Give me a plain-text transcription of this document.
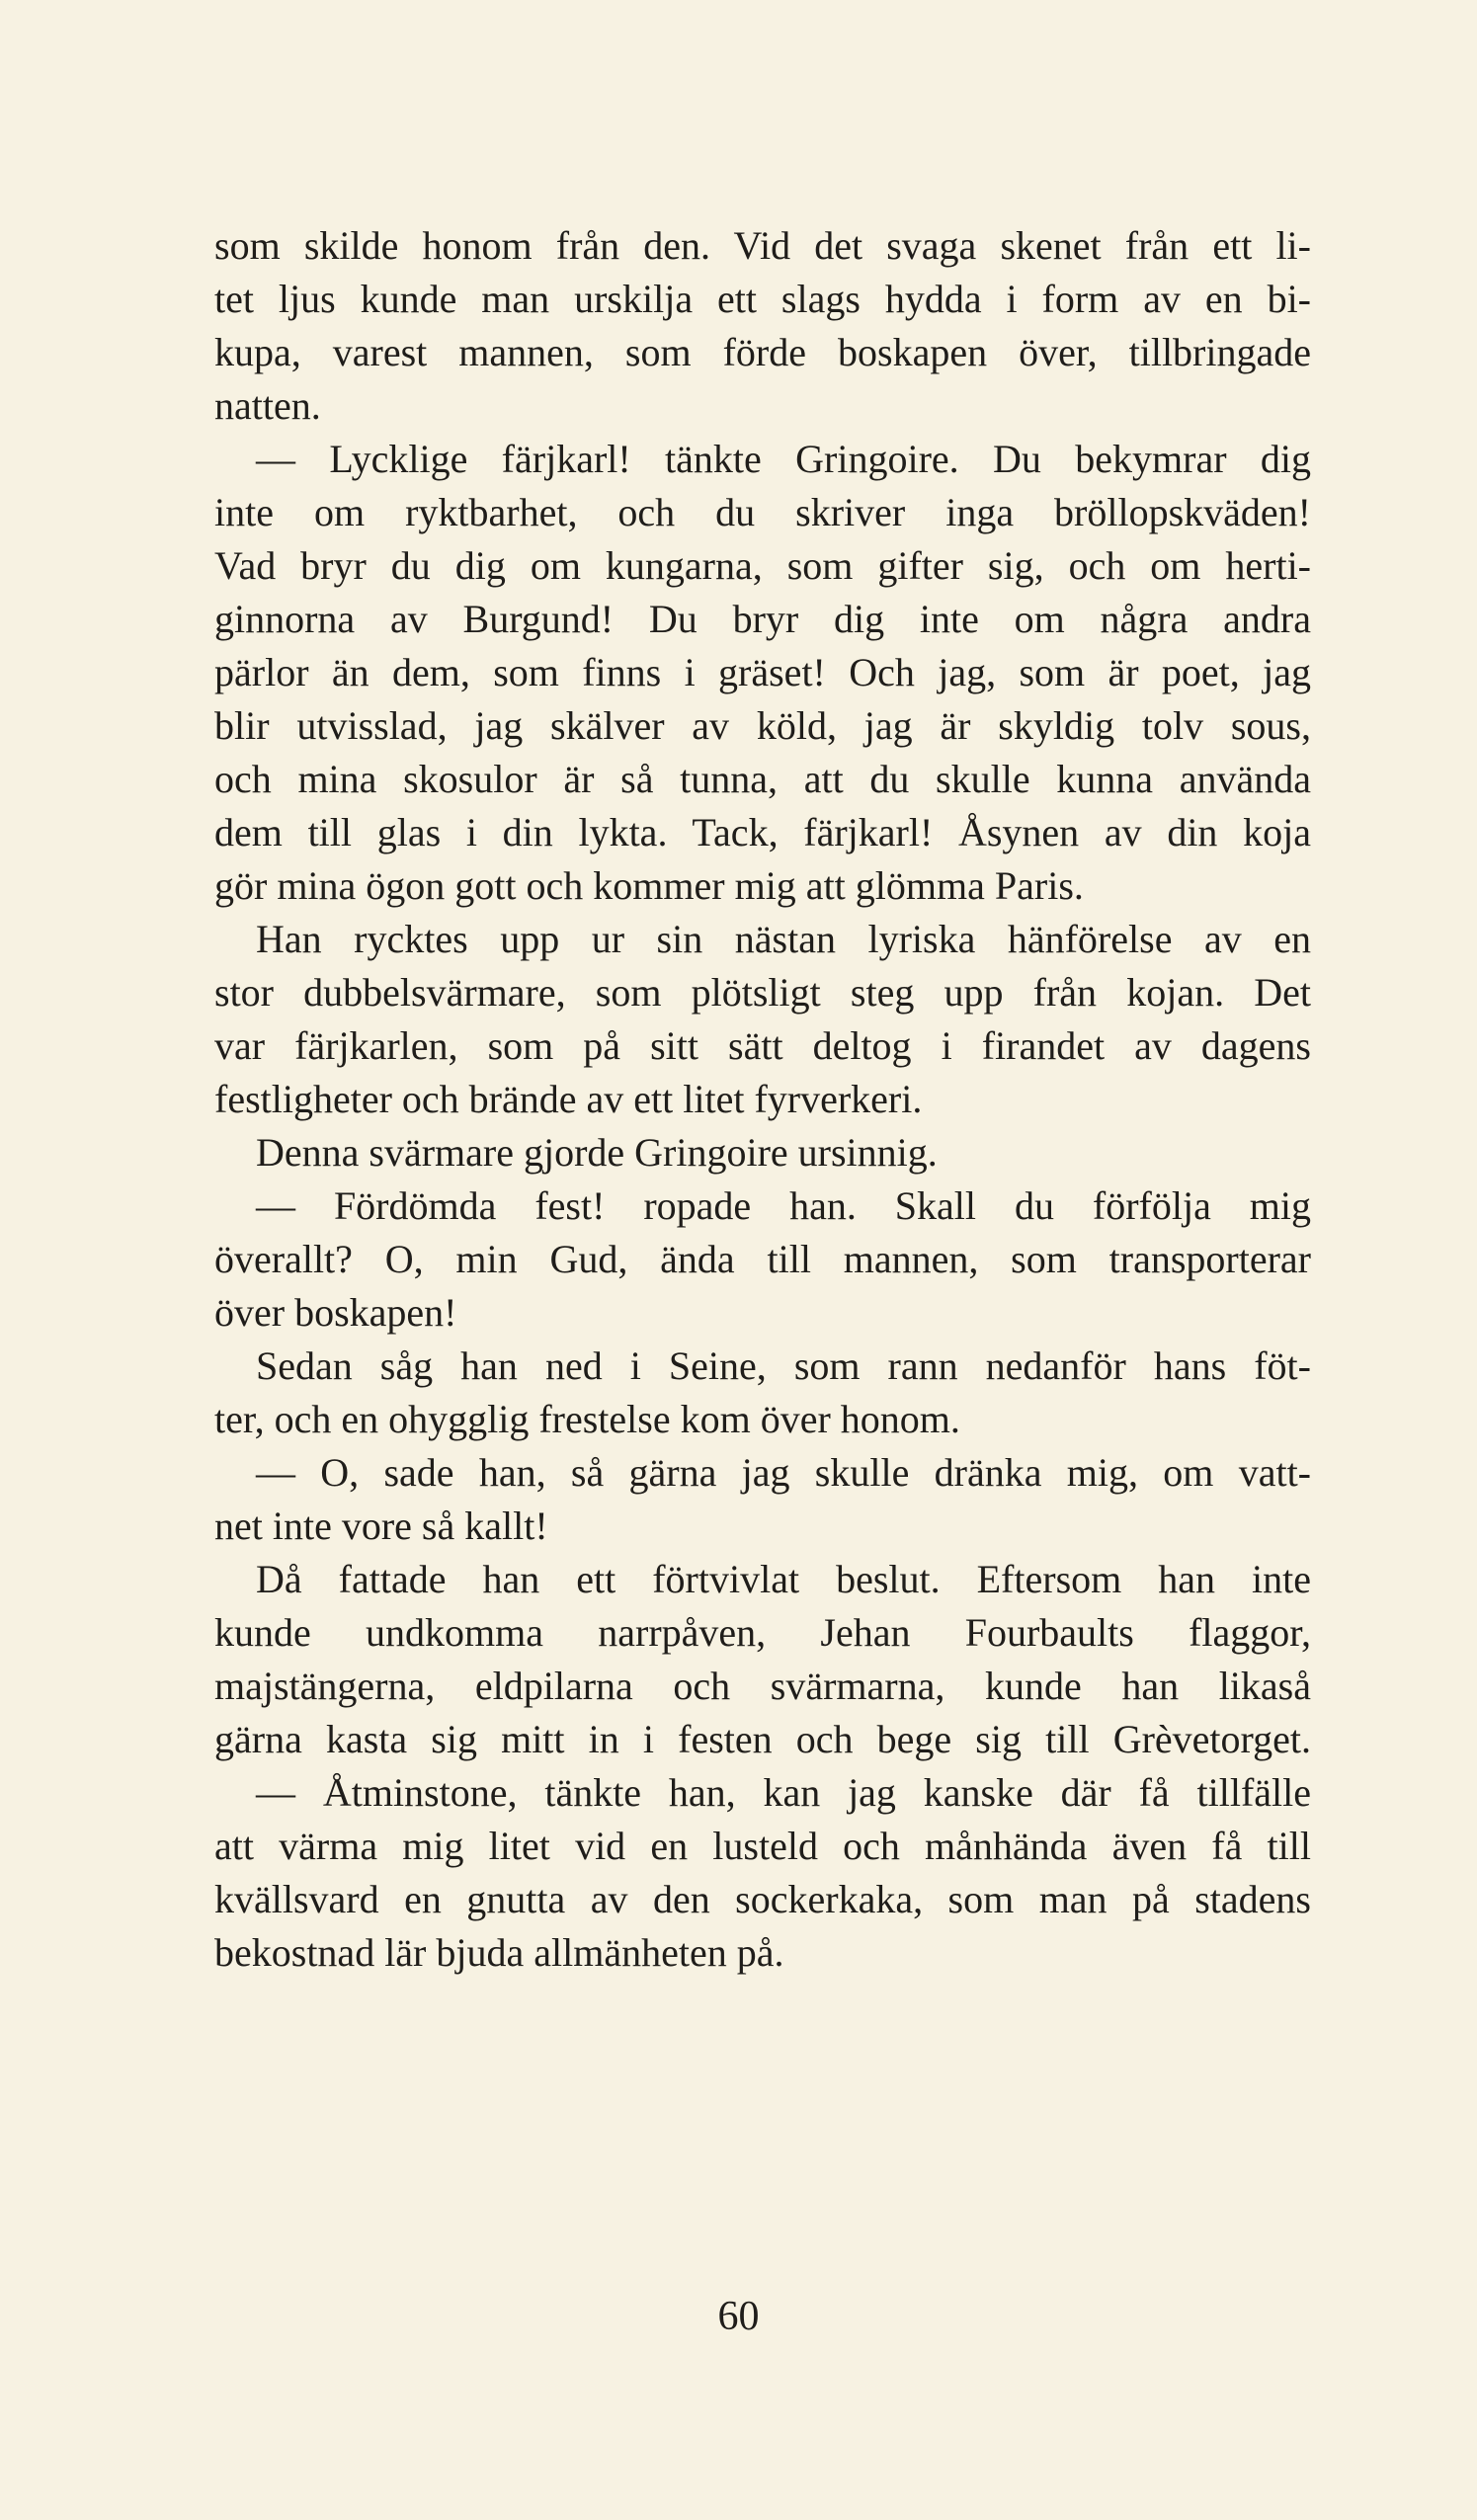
som skilde honom från den. Vid det svaga skenet från ett li-
tet ljus kunde man urskilja ett slags hydda i form av en bi-
kupa, varest mannen, som förde boskapen över, tillbringade
natten.
— Lycklige färjkarl! tänkte Gringoire. Du bekymrar dig
inte om ryktbarhet, och du skriver inga bröllopskväden!
Vad bryr du dig om kungarna, som gifter sig, och om herti-
ginnorna av Burgund! Du bryr dig inte om några andra
pärlor än dem, som finns i gräset! Och jag, som är poet, jag
blir utvisslad, jag skälver av köld, jag är skyldig tolv sous,
och mina skosulor är så tunna, att du skulle kunna använda
dem till glas i din lykta. Tack, färjkarl! Åsynen av din koja
gör mina ögon gott och kommer mig att glömma Paris.
Han rycktes upp ur sin nästan lyriska hänförelse av en
stor dubbelsvärmare, som plötsligt steg upp från kojan. Det
var färjkarlen, som på sitt sätt deltog i firandet av dagens
festligheter och brände av ett litet fyrverkeri.
Denna svärmare gjorde Gringoire ursinnig.
— Fördömda fest! ropade han. Skall du förfölja mig
överallt? O, min Gud, ända till mannen, som transporterar
över boskapen!
Sedan såg han ned i Seine, som rann nedanför hans föt-
ter, och en ohygglig frestelse kom över honom.
— O, sade han, så gärna jag skulle dränka mig, om vatt-
net inte vore så kallt!
Då fattade han ett förtvivlat beslut. Eftersom han inte
kunde undkomma narrpåven, Jehan Fourbaults flaggor,
majstängerna, eldpilarna och svärmarna, kunde han likaså
gärna kasta sig mitt in i festen och bege sig till Grèvetorget.
— Åtminstone, tänkte han, kan jag kanske där få tillfälle
att värma mig litet vid en lusteld och månhända även få till
kvällsvard en gnutta av den sockerkaka, som man på stadens
bekostnad lär bjuda allmänheten på.
60
